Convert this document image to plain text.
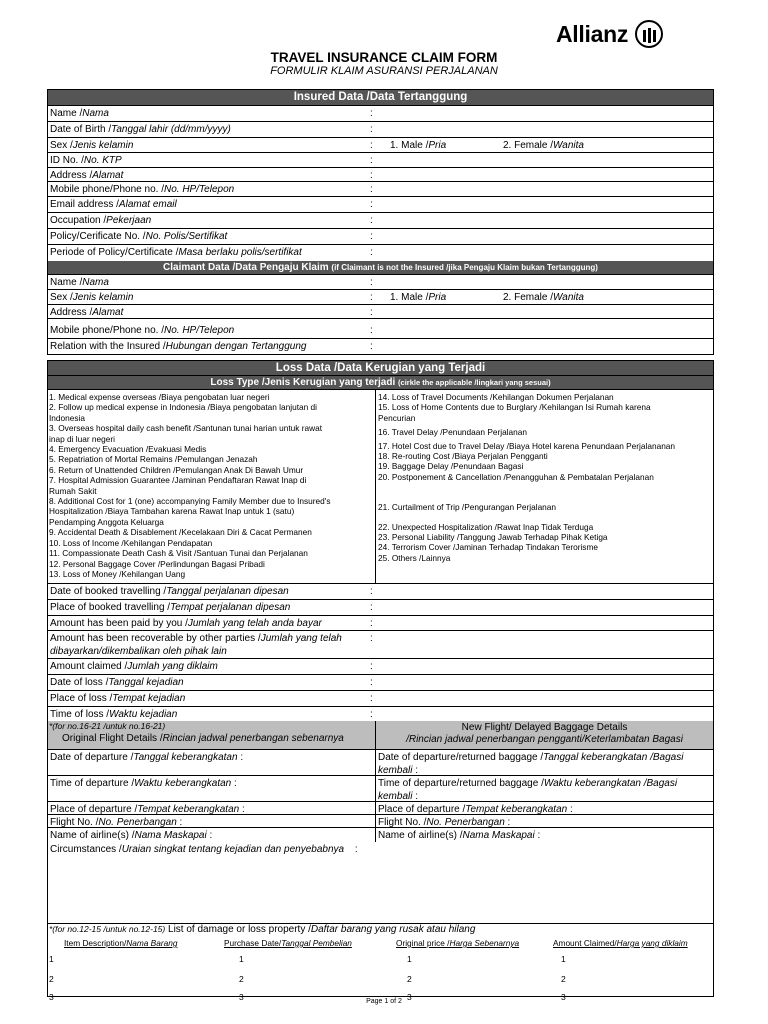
Allianz
TRAVEL INSURANCE CLAIM FORM
FORMULIR KLAIM ASURANSI PERJALANAN
Insured Data /Data Tertanggung
Name /Nama	:
Date of Birth /Tanggal lahir (dd/mm/yyyy)	:
Sex /Jenis kelamin	: 1. Male /Pria	2. Female /Wanita
ID No. /No. KTP	:
Address /Alamat	:
Mobile phone/Phone no. /No. HP/Telepon	:
Email address /Alamat email	:
Occupation /Pekerjaan	:
Policy/Cerificate No. /No. Polis/Sertifikat	:
Periode of Policy/Certificate /Masa berlaku polis/sertifikat	:
Claimant Data /Data Pengaju Klaim (if Claimant is not the Insured /jika Pengaju Klaim bukan Tertanggung)
Name /Nama	:
Sex /Jenis kelamin	: 1. Male /Pria	2. Female /Wanita
Address /Alamat	:
Mobile phone/Phone no. /No. HP/Telepon	:
Relation with the Insured /Hubungan dengan Tertanggung	:
Loss Data /Data Kerugian yang Terjadi
Loss Type /Jenis Kerugian yang terjadi (cirkle the applicable /lingkari yang sesuai)
1. Medical expense overseas /Biaya pengobatan luar negeri
2. Follow up medical expense in Indonesia /Biaya pengobatan lanjutan di
Indonesia
3. Overseas hospital daily cash benefit /Santunan tunai harian untuk rawat
inap di luar negeri
4. Emergency Evacuation /Evakuasi Medis
5. Repatriation of Mortal Remains /Pemulangan Jenazah
6. Return of Unattended Children /Pemulangan Anak Di Bawah Umur
7. Hospital Admission Guarantee /Jaminan Pendaftaran Rawat Inap di
Rumah Sakit
8. Additional Cost for 1 (one) accompanying Family Member due to Insured's
Hospitalization /Biaya Tambahan karena Rawat Inap untuk 1 (satu)
Pendamping Anggota Keluarga
9. Accidental Death & Disablement /Kecelakaan Diri & Cacat Permanen
10. Loss of Income /Kehilangan Pendapatan
11. Compassionate Death Cash & Visit /Santuan Tunai dan Perjalanan
12. Personal Baggage Cover /Perlindungan Bagasi Pribadi
13. Loss of Money /Kehilangan Uang
14. Loss of Travel Documents /Kehilangan Dokumen Perjalanan
15. Loss of Home Contents due to Burglary /Kehilangan Isi Rumah karena
Pencurian
16. Travel Delay /Penundaan Perjalanan
17. Hotel Cost due to Travel Delay /Biaya Hotel karena Penundaan Perjalananan
18. Re-routing Cost /Biaya Perjalan Pengganti
19. Baggage Delay /Penundaan Bagasi
20. Postponement & Cancellation /Penangguhan & Pembatalan Perjalanan
21. Curtailment of Trip /Pengurangan Perjalanan
22. Unexpected Hospitalization /Rawat Inap Tidak Terduga
23. Personal Liability /Tanggung Jawab Terhadap Pihak Ketiga
24. Terrorism Cover /Jaminan Terhadap Tindakan Terorisme
25. Others /Lainnya
Date of booked travelling /Tanggal perjalanan dipesan	:
Place of booked travelling /Tempat perjalanan dipesan	:
Amount has been paid by you /Jumlah yang telah anda bayar	:
Amount has been recoverable by other parties /Jumlah yang telah
dibayarkan/dikembalikan oleh pihak lain
:
Amount claimed /Jumlah yang diklaim	:
Date of loss /Tanggal kejadian	:
Place of loss /Tempat kejadian	:
Time of loss /Waktu kejadian	:
*(for no.16-21 /untuk no.16-21)
Original Flight Details /Rincian jadwal penerbangan sebenarnya
New Flight/ Delayed Baggage Details
/Rincian jadwal penerbangan pengganti/Keterlambatan Bagasi
Date of departure /Tanggal keberangkatan :	Date of departure/returned baggage /Tanggal keberangkatan /Bagasi
kembali :
Time of departure /Waktu keberangkatan :	Time of departure/returned baggage /Waktu keberangkatan /Bagasi
kembali :
Place of departure /Tempat keberangkatan :	Place of departure /Tempat keberangkatan :
Flight No. /No. Penerbangan :	Flight No. /No. Penerbangan :
Name of airline(s) /Nama Maskapai :	Name of airline(s) /Nama Maskapai :
Circumstances /Uraian singkat tentang kejadian dan penyebabnya :
*(for no.12-15 /untuk no.12-15) List of damage or loss property /Daftar barang yang rusak atau hilang
Item Description/Nama Barang	Purchase Date/Tanggal Pembelian	Original price /Harga Sebenarnya	Amount Claimed/Harga yang diklaim
1	1	1	1
2	2	2	2
3	3	3	3
Page 1 of 2
